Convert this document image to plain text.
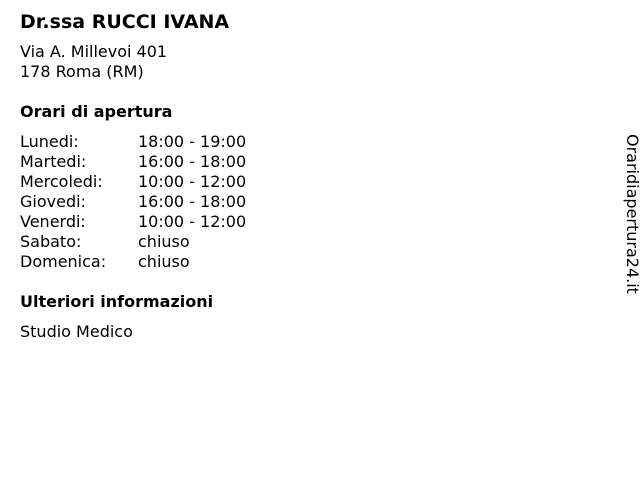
Dr.ssa RUCCI IVANA
Via A. Millevoi 401
178 Roma (RM)
Orari di apertura
Lunedi:	18:00 - 19:00
Martedi:	16:00 - 18:00
Mercoledi:	10:00 - 12:00
Giovedi:	16:00 - 18:00
Venerdi:	10:00 - 12:00
Sabato:	chiuso
Domenica:	chiuso
Ulteriori informazioni
Studio Medico
Oraridiapertura24.it
